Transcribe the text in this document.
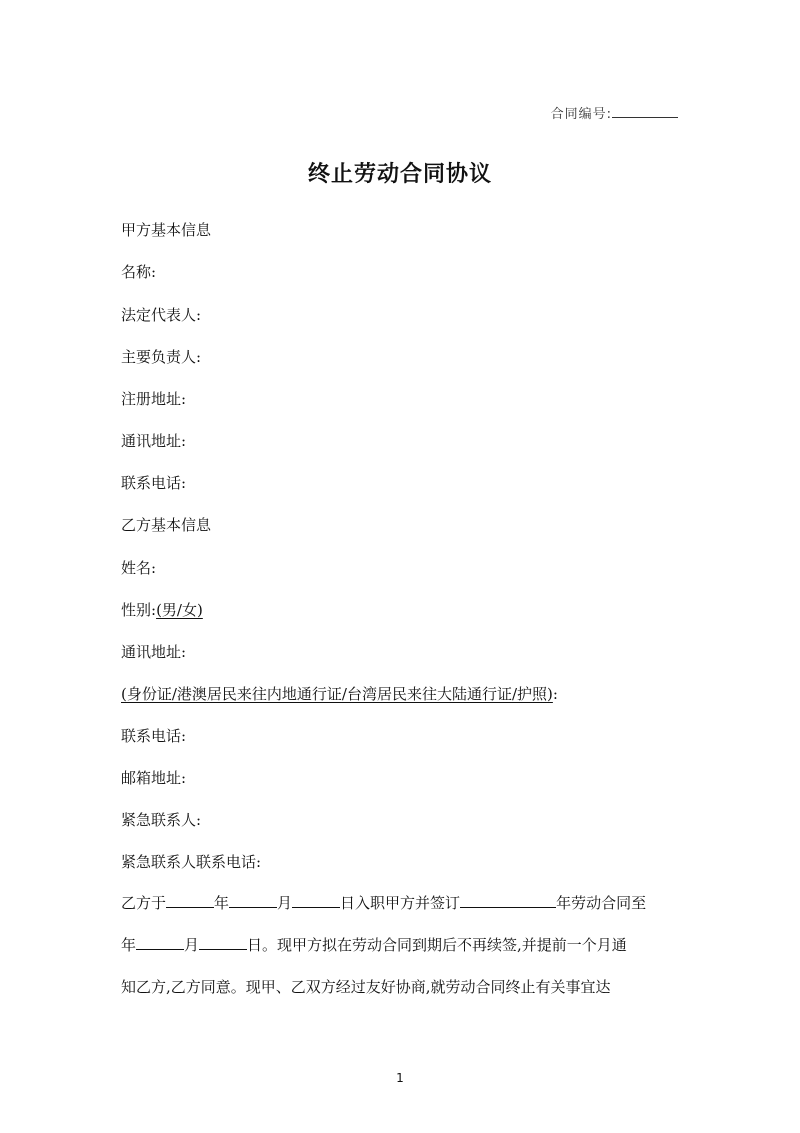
合同编号:
终止劳动合同协议
甲方基本信息
名称:
法定代表人:
主要负责人:
注册地址:
通讯地址:
联系电话:
乙方基本信息
姓名:
性别:(男/女)
通讯地址:
(身份证/港澳居民来往内地通行证/台湾居民来往大陆通行证/护照):
联系电话:
邮箱地址:
紧急联系人:
紧急联系人联系电话:
乙方于	年	月	日入职甲方并签订	年劳动合同至
年	月	日。现甲方拟在劳动合同到期后不再续签,并提前一个月通
知乙方,乙方同意。现甲、乙双方经过友好协商,就劳动合同终止有关事宜达
1
